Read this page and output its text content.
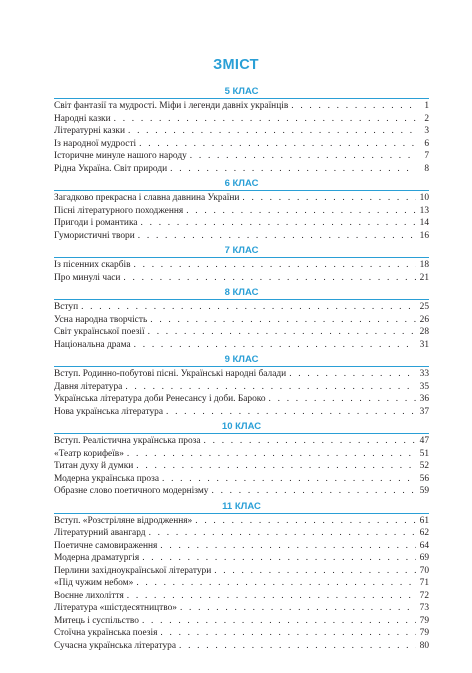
ЗМІСТ
5 КЛАС
Світ фантазії та мудрості. Міфи і легенди давніх українців . . .	1
Народні казки . . .	2
Літературні казки . . .	3
Із народної мудрості . . .	6
Історичне минуле нашого народу . . .	7
Рідна Україна. Світ природи . . .	8
6 КЛАС
Загадково прекрасна і славна давнина України . . .	10
Пісні літературного походження . . .	13
Пригоди і романтика . . .	14
Гумористичні твори . . .	16
7 КЛАС
Із пісенних скарбів . . .	18
Про минулі часи . . .	21
8 КЛАС
Вступ . . .	25
Усна народна творчість . . .	26
Світ української поезії . . .	28
Національна драма . . .	31
9 КЛАС
Вступ. Родинно-побутові пісні. Українські народні балади . . .	33
Давня література . . .	35
Українська література доби Ренесансу і доби. Бароко . . .	36
Нова українська література . . .	37
10 КЛАС
Вступ. Реалістична українська проза . . .	47
«Театр корифеїв» . . .	51
Титан духу й думки . . .	52
Модерна українська проза . . .	56
Образне слово поетичного модернізму . . .	59
11 КЛАС
Вступ. «Розстріляне відродження» . . .	61
Літературний авангард . . .	62
Поетичне самовираження . . .	64
Модерна драматургія . . .	69
Перлини західноукраїнської літератури . . .	70
«Під чужим небом» . . .	71
Воєнне лихоліття . . .	72
Література «шістдесятництво» . . .	73
Митець і суспільство . . .	79
Стоїчна українська поезія . . .	79
Сучасна українська література . . .	80
